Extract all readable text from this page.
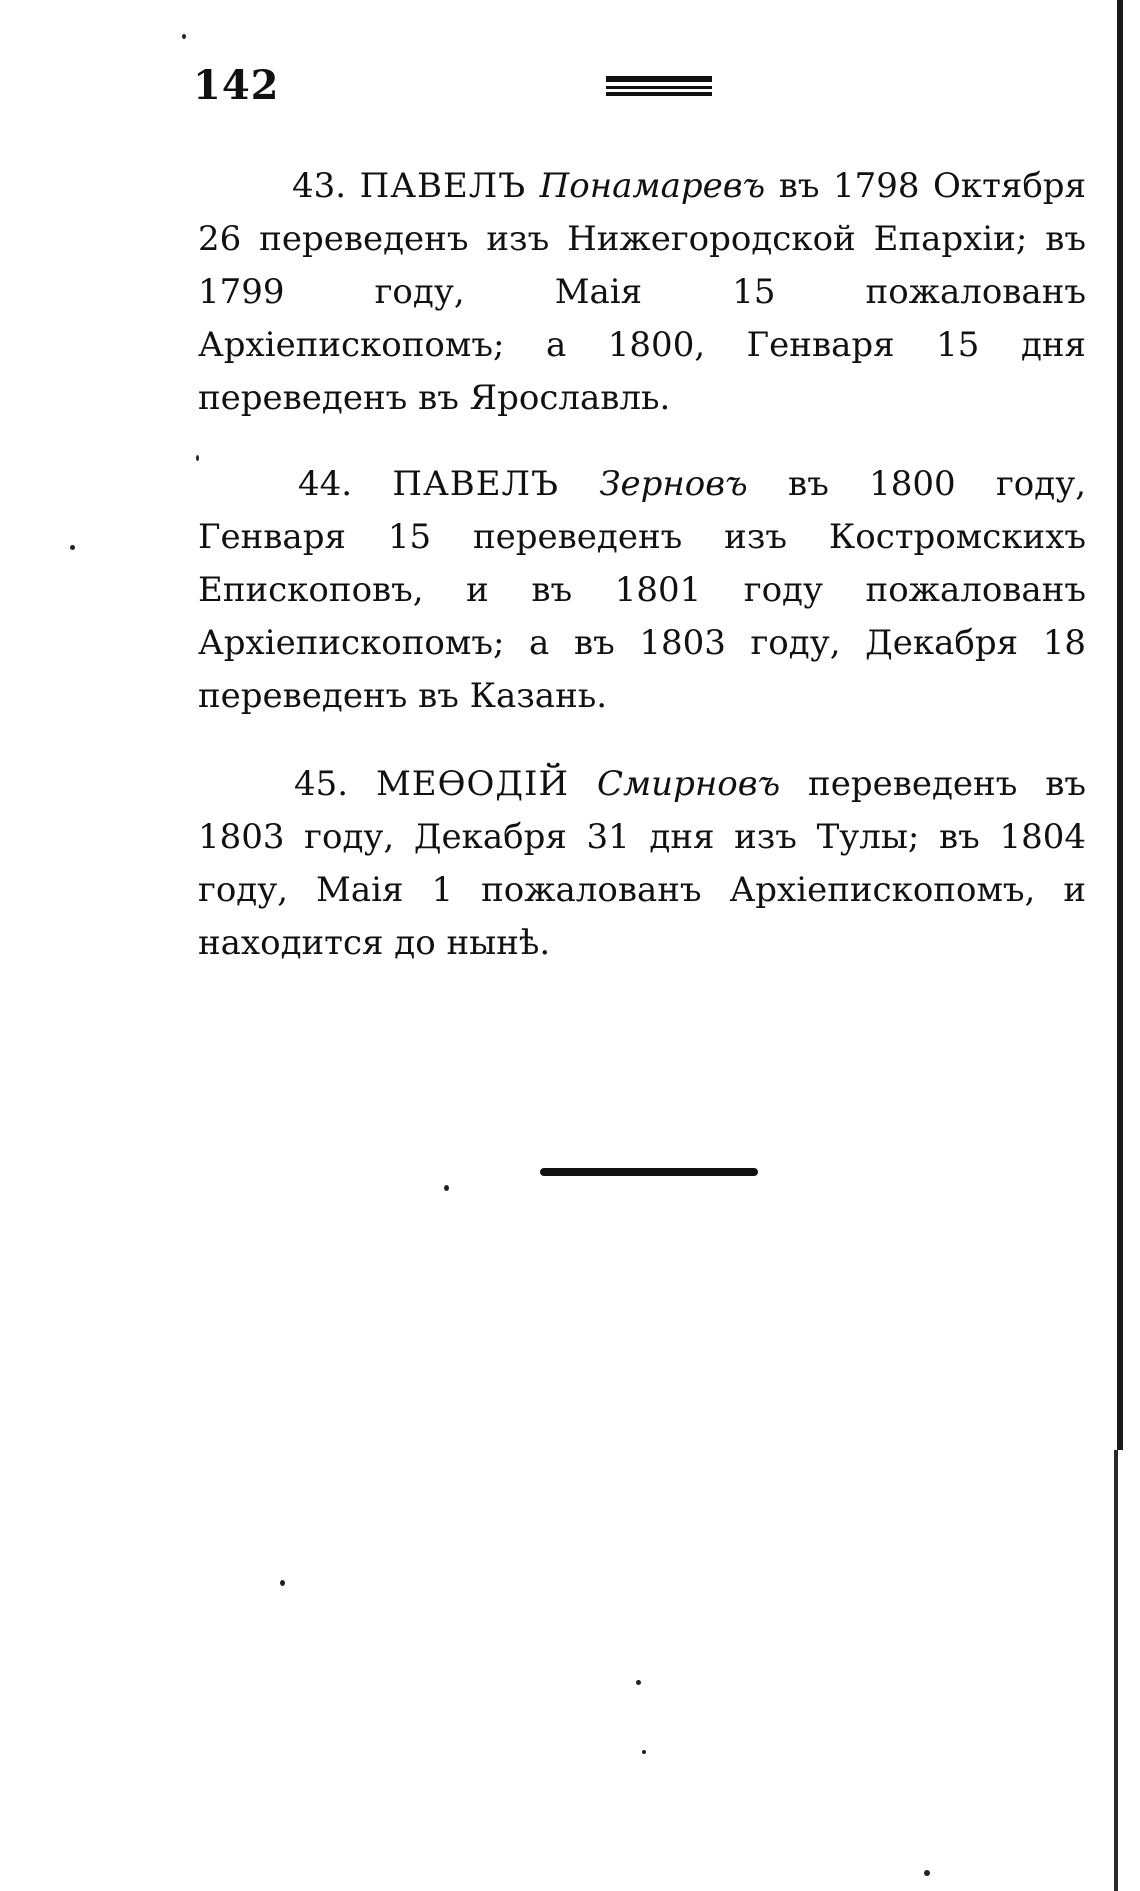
142

43. ПАВЕЛЪ Понамаревъ въ 1798 Октября 26 переведенъ изъ Нижегородской Епархіи; въ 1799 году, Маія 15 пожалованъ Архіепископомъ; а 1800, Генваря 15 дня переведенъ въ Ярославль.

44. ПАВЕЛЪ Зерновъ въ 1800 году, Генваря 15 переведенъ изъ Костромскихъ Епископовъ, и въ 1801 году пожалованъ Архіепископомъ; а въ 1803 году, Декабря 18 переведенъ въ Казань.

45. МЕѲОДІЙ Смирновъ переведенъ въ 1803 году, Декабря 31 дня изъ Тулы; въ 1804 году, Маія 1 пожалованъ Архіепископомъ, и находится до нынѣ.
